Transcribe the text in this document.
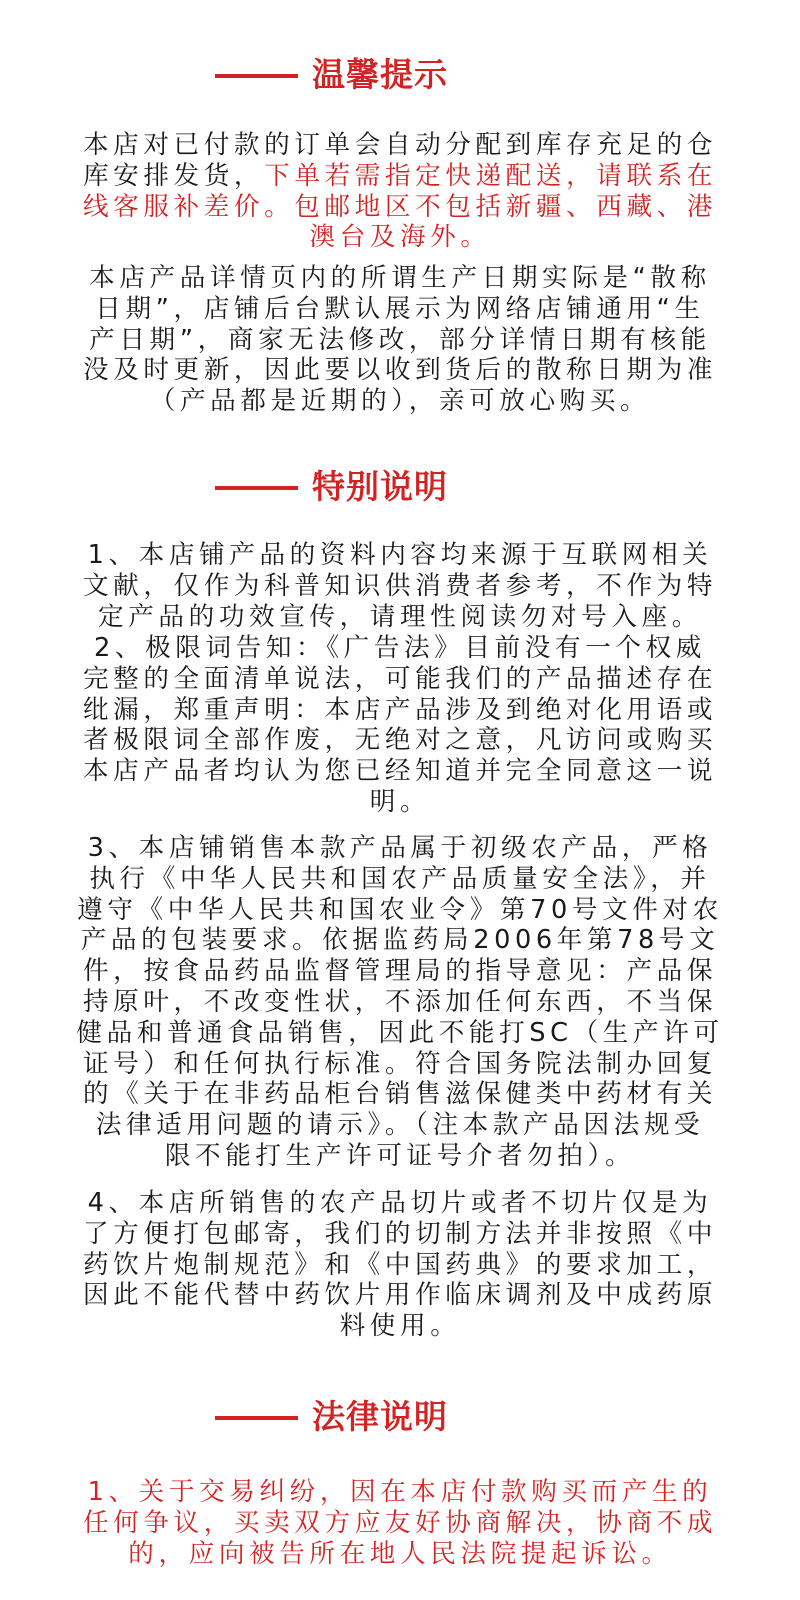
温馨提示
本店对已付款的订单会自动分配到库存充足的仓
库安排发货，下单若需指定快递配送，请联系在
线客服补差价。包邮地区不包括新疆、西藏、港
澳台及海外。
本店产品详情页内的所谓生产日期实际是“散称
日期”，店铺后台默认展示为网络店铺通用“生
产日期”，商家无法修改，部分详情日期有核能
没及时更新，因此要以收到货后的散称日期为准
（产品都是近期的），亲可放心购买。
特别说明
1、本店铺产品的资料内容均来源于互联网相关
文献，仅作为科普知识供消费者参考，不作为特
定产品的功效宣传，请理性阅读勿对号入座。
2、极限词告知：《广告法》目前没有一个权威
完整的全面清单说法，可能我们的产品描述存在
纰漏，郑重声明：本店产品涉及到绝对化用语或
者极限词全部作废，无绝对之意，凡访问或购买
本店产品者均认为您已经知道并完全同意这一说
明。
3、本店铺销售本款产品属于初级农产品，严格
执行《中华人民共和国农产品质量安全法》，并
遵守《中华人民共和国农业令》第70号文件对农
产品的包装要求。依据监药局2006年第78号文
件，按食品药品监督管理局的指导意见：产品保
持原叶，不改变性状，不添加任何东西，不当保
健品和普通食品销售，因此不能打SC（生产许可
证号）和任何执行标准。符合国务院法制办回复
的《关于在非药品柜台销售滋保健类中药材有关
法律适用问题的请示》。（注本款产品因法规受
限不能打生产许可证号介者勿拍）。
4、本店所销售的农产品切片或者不切片仅是为
了方便打包邮寄，我们的切制方法并非按照《中
药饮片炮制规范》和《中国药典》的要求加工，
因此不能代替中药饮片用作临床调剂及中成药原
料使用。
法律说明
1、关于交易纠纷，因在本店付款购买而产生的
任何争议，买卖双方应友好协商解决，协商不成
的，应向被告所在地人民法院提起诉讼。
